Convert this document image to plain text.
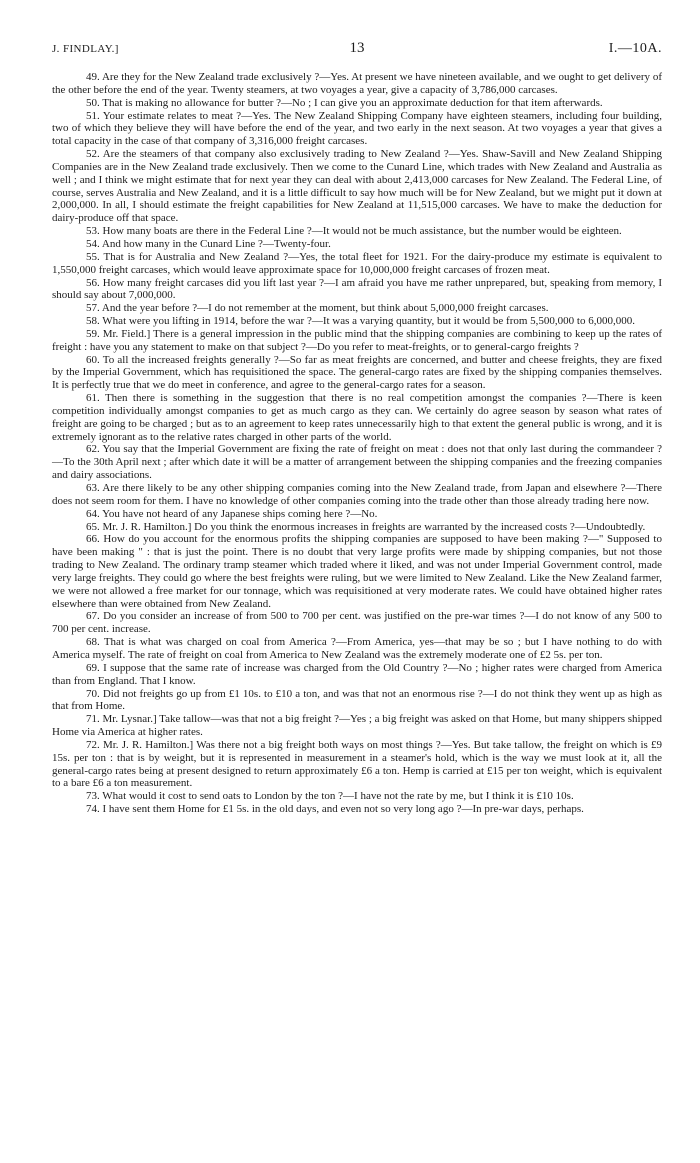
J. FINDLAY.]	13	I.—10A.

49. Are they for the New Zealand trade exclusively ?—Yes. At present we have nineteen available, and we ought to get delivery of the other before the end of the year. Twenty steamers, at two voyages a year, give a capacity of 3,786,000 carcases.

50. That is making no allowance for butter ?—No ; I can give you an approximate deduction for that item afterwards.

51. Your estimate relates to meat ?—Yes. The New Zealand Shipping Company have eighteen steamers, including four building, two of which they believe they will have before the end of the year, and two early in the next season. At two voyages a year that gives a total capacity in the case of that company of 3,316,000 freight carcases.

52. Are the steamers of that company also exclusively trading to New Zealand ?—Yes. Shaw-Savill and New Zealand Shipping Companies are in the New Zealand trade exclusively. Then we come to the Cunard Line, which trades with New Zealand and Australia as well ; and I think we might estimate that for next year they can deal with about 2,413,000 carcases for New Zealand. The Federal Line, of course, serves Australia and New Zealand, and it is a little difficult to say how much will be for New Zealand, but we might put it down at 2,000,000. In all, I should estimate the freight capabilities for New Zealand at 11,515,000 carcases. We have to make the deduction for dairy-produce off that space.

53. How many boats are there in the Federal Line ?—It would not be much assistance, but the number would be eighteen.

54. And how many in the Cunard Line ?—Twenty-four.

55. That is for Australia and New Zealand ?—Yes, the total fleet for 1921. For the dairy-produce my estimate is equivalent to 1,550,000 freight carcases, which would leave approximate space for 10,000,000 freight carcases of frozen meat.

56. How many freight carcases did you lift last year ?—I am afraid you have me rather unprepared, but, speaking from memory, I should say about 7,000,000.

57. And the year before ?—I do not remember at the moment, but think about 5,000,000 freight carcases.

58. What were you lifting in 1914, before the war ?—It was a varying quantity, but it would be from 5,500,000 to 6,000,000.

59. Mr. Field.] There is a general impression in the public mind that the shipping companies are combining to keep up the rates of freight : have you any statement to make on that subject ?—Do you refer to meat-freights, or to general-cargo freights ?

60. To all the increased freights generally ?—So far as meat freights are concerned, and butter and cheese freights, they are fixed by the Imperial Government, which has requisitioned the space. The general-cargo rates are fixed by the shipping companies themselves. It is perfectly true that we do meet in conference, and agree to the general-cargo rates for a season.

61. Then there is something in the suggestion that there is no real competition amongst the companies ?—There is keen competition individually amongst companies to get as much cargo as they can. We certainly do agree season by season what rates of freight are going to be charged ; but as to an agreement to keep rates unnecessarily high to that extent the general public is wrong, and it is extremely ignorant as to the relative rates charged in other parts of the world.

62. You say that the Imperial Government are fixing the rate of freight on meat : does not that only last during the commandeer ?—To the 30th April next ; after which date it will be a matter of arrangement between the shipping companies and the freezing companies and dairy associations.

63. Are there likely to be any other shipping companies coming into the New Zealand trade, from Japan and elsewhere ?—There does not seem room for them. I have no knowledge of other companies coming into the trade other than those already trading here now.

64. You have not heard of any Japanese ships coming here ?—No.

65. Mr. J. R. Hamilton.] Do you think the enormous increases in freights are warranted by the increased costs ?—Undoubtedly.

66. How do you account for the enormous profits the shipping companies are supposed to have been making ?—" Supposed to have been making " : that is just the point. There is no doubt that very large profits were made by shipping companies, but not those trading to New Zealand. The ordinary tramp steamer which traded where it liked, and was not under Imperial Government control, made very large freights. They could go where the best freights were ruling, but we were limited to New Zealand. Like the New Zealand farmer, we were not allowed a free market for our tonnage, which was requisitioned at very moderate rates. We could have obtained higher rates elsewhere than were obtained from New Zealand.

67. Do you consider an increase of from 500 to 700 per cent. was justified on the pre-war times ?—I do not know of any 500 to 700 per cent. increase.

68. That is what was charged on coal from America ?—From America, yes—that may be so ; but I have nothing to do with America myself. The rate of freight on coal from America to New Zealand was the extremely moderate one of £2 5s. per ton.

69. I suppose that the same rate of increase was charged from the Old Country ?—No ; higher rates were charged from America than from England. That I know.

70. Did not freights go up from £1 10s. to £10 a ton, and was that not an enormous rise ?—I do not think they went up as high as that from Home.

71. Mr. Lysnar.] Take tallow—was that not a big freight ?—Yes ; a big freight was asked on that Home, but many shippers shipped Home via America at higher rates.

72. Mr. J. R. Hamilton.] Was there not a big freight both ways on most things ?—Yes. But take tallow, the freight on which is £9 15s. per ton : that is by weight, but it is represented in measurement in a steamer's hold, which is the way we must look at it, all the general-cargo rates being at present designed to return approximately £6 a ton. Hemp is carried at £15 per ton weight, which is equivalent to a bare £6 a ton measurement.

73. What would it cost to send oats to London by the ton ?—I have not the rate by me, but I think it is £10 10s.

74. I have sent them Home for £1 5s. in the old days, and even not so very long ago ?—In pre-war days, perhaps.
